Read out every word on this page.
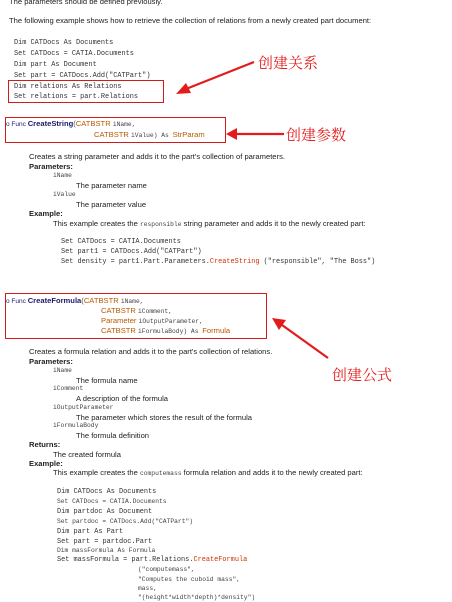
The parameters should be defined previously.
The following example shows how to retrieve the collection of relations from a newly created part document:
Dim CATDocs As Documents
Set CATDocs = CATIA.Documents
Dim part As Document
Set part = CATDocs.Add("CATPart")
Dim relations As Relations
Set relations = part.Relations
创建关系
o Func CreateString(CATBSTR iName,
CATBSTR iValue) As StrParam	创建参数
Creates a string parameter and adds it to the part's collection of parameters.
Parameters:
iName
The parameter name
iValue
The parameter value
Example:
This example creates the responsible string parameter and adds it to the newly created part:
Set CATDocs = CATIA.Documents
Set part1 = CATDocs.Add("CATPart")
Set density = part1.Part.Parameters.CreateString ("responsible", "The Boss")
o Func CreateFormula(CATBSTR iName,
CATBSTR iComment,
Parameter iOutputParameter,
CATBSTR iFormulaBody) As Formula
创建公式
Creates a formula relation and adds it to the part's collection of relations.
Parameters:
iName
The formula name
iComment
A description of the formula
iOutputParameter
The parameter which stores the result of the formula
iFormulaBody
The formula definition
Returns:
The created formula
Example:
This example creates the computemass formula relation and adds it to the newly created part:
Dim CATDocs As Documents
Set CATDocs = CATIA.Documents
Dim partdoc As Document
Set partdoc = CATDocs.Add("CATPart")
Dim part As Part
Set part = partdoc.Part
Dim massFormula As Formula
Set massFormula = part.Relations.CreateFormula
("computemass",
"Computes the cuboid mass",
mass,
"(height*width*depth)*density")
